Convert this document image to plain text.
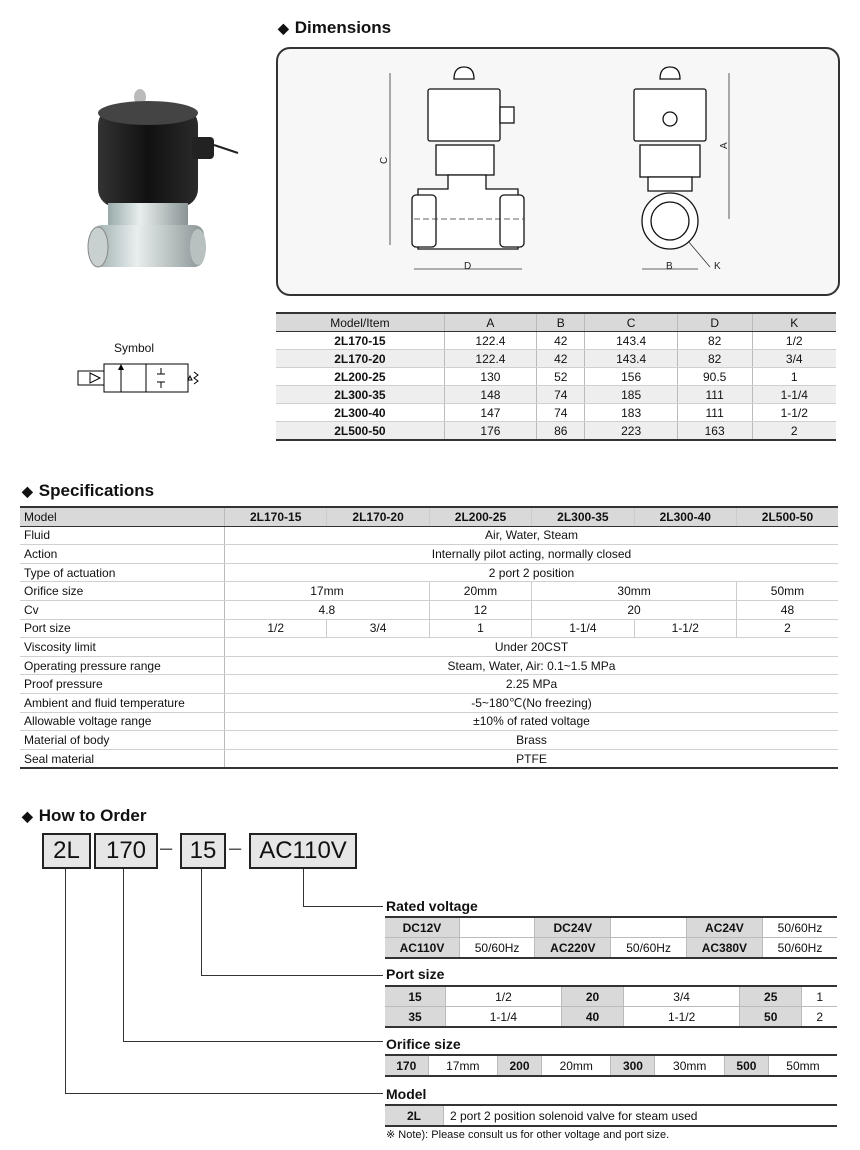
Symbol
◆ Dimensions
C
D
A
B	K
Model/Item	A	B	C	D	K
2L170-15	122.4	42	143.4	82	1/2
2L170-20	122.4	42	143.4	82	3/4
2L200-25	130	52	156	90.5	1
2L300-35	148	74	185	111	1-1/4
2L300-40	147	74	183	111	1-1/2
2L500-50	176	86	223	163	2
◆ Specifications
Model	2L170-15	2L170-20	2L200-25	2L300-35	2L300-40	2L500-50
Fluid	Air, Water, Steam					
Action	Internally pilot acting, normally closed					
Type of actuation	2 port 2 position					
Orifice size	17mm		20mm	30mm		50mm
Cv	4.8		12	20		48
Port size	1/2	3/4	1	1-1/4	1-1/2	2
Viscosity limit	Under 20CST					
Operating pressure range	Steam, Water, Air: 0.1~1.5 MPa					
Proof pressure	2.25 MPa					
Ambient and fluid temperature	-5~180℃(No freezing)					
Allowable voltage range	±10% of rated voltage					
Material of body	Brass					
Seal material	PTFE					
◆ How to Order
2L	170 – 15 – AC110V
Rated voltage
DC12V		DC24V		AC24V	50/60Hz
AC110V	50/60Hz	AC220V	50/60Hz	AC380V	50/60Hz
Port size
15	1/2	20	3/4	25	1
35	1-1/4	40	1-1/2	50	2
Orifice size
170	17mm	200	20mm	300	30mm	500	50mm
Model
2L	2 port 2 position solenoid valve for steam used
※ Note): Please consult us for other voltage and port size.
